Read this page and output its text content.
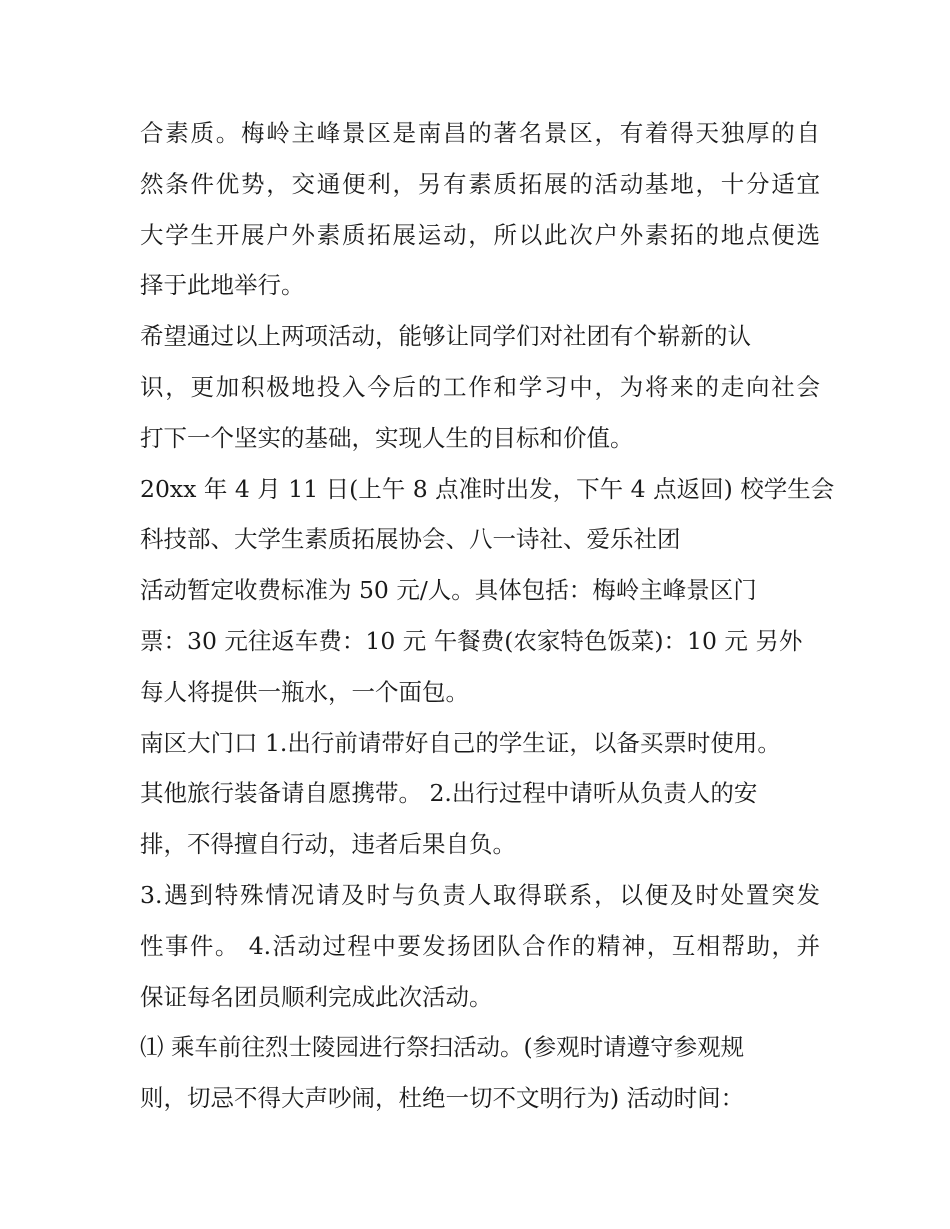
合素质。梅岭主峰景区是南昌的著名景区，有着得天独厚的自
然条件优势，交通便利，另有素质拓展的活动基地，十分适宜
大学生开展户外素质拓展运动，所以此次户外素拓的地点便选
择于此地举行。
希望通过以上两项活动，能够让同学们对社团有个崭新的认
识，更加积极地投入今后的工作和学习中，为将来的走向社会
打下一个坚实的基础，实现人生的目标和价值。
20xx 年 4 月 11 日(上午 8 点准时出发，下午 4 点返回) 校学生会
科技部、大学生素质拓展协会、八一诗社、爱乐社团
活动暂定收费标准为 50 元/人。具体包括：梅岭主峰景区门
票：30 元往返车费：10 元 午餐费(农家特色饭菜)：10 元 另外
每人将提供一瓶水，一个面包。
南区大门口 1.出行前请带好自己的学生证，以备买票时使用。
其他旅行装备请自愿携带。 2.出行过程中请听从负责人的安
排，不得擅自行动，违者后果自负。
3.遇到特殊情况请及时与负责人取得联系，以便及时处置突发
性事件。 4.活动过程中要发扬团队合作的精神，互相帮助，并
保证每名团员顺利完成此次活动。
⑴ 乘车前往烈士陵园进行祭扫活动。(参观时请遵守参观规
则，切忌不得大声吵闹，杜绝一切不文明行为) 活动时间：
